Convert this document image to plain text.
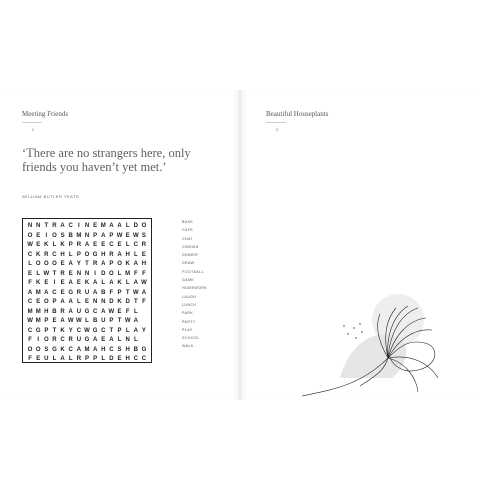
Meeting Friends
2
‘There are no strangers here, only friends you haven’t yet met.’
WILLIAM BUTLER YEATS
N N T R A C I N E M A A L D O
O E I O S B M N P A P W E W S
W E K L K P R A E E C E L C R
C K R C H L P O G H R A H L E
L O O O E A Y T R A P O K A H
E L W T R E N N I D O L M F F
F K E I E A E K A L A K L A W
A M A C E G R U A B F P T W A
C E O P A A L E N N D K D T F
M M H B R A U G C A W E F L
W M P E A W W L B U P T W A
C G P T K Y C W G C T P L A Y
F I O R C R U G A E A L N L
O O S G K C A M A H C S H B G
F E U L A L R P P L D E H C C
BAKE
CAFE
CHAT
CINEMA
DINNER
DRAW
FOOTBALL
GAME
HOMEWORK
LAUGH
LUNCH
PARK
PARTY
PLAY
SCHOOL
WALK
Beautiful Houseplants
3
